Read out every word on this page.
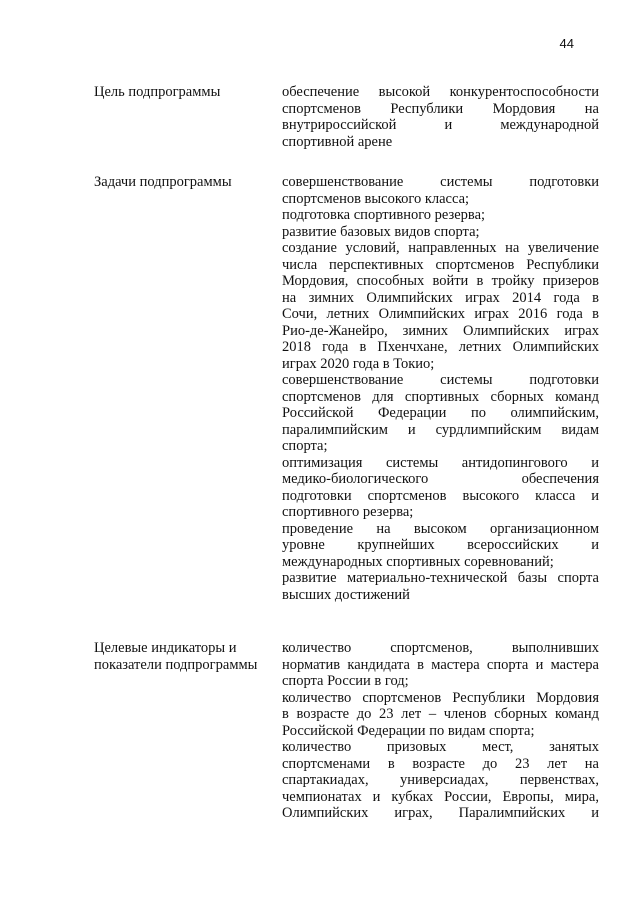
44
Цель подпрограммы	обеспечение высокой конкурентоспособности
спортсменов Республики Мордовия на
внутрироссийской и международной
спортивной арене
Задачи подпрограммы	совершенствование системы подготовки
спортсменов высокого класса;
подготовка спортивного резерва;
развитие базовых видов спорта;
создание условий, направленных на увеличение
числа перспективных спортсменов Республики
Мордовия, способных войти в тройку призеров
на зимних Олимпийских играх 2014 года в
Сочи, летних Олимпийских играх 2016 года в
Рио-де-Жанейро, зимних Олимпийских играх
2018 года в Пхенчхане, летних Олимпийских
играх 2020 года в Токио;
совершенствование системы подготовки
спортсменов для спортивных сборных команд
Российской Федерации по олимпийским,
паралимпийским и сурдлимпийским видам
спорта;
оптимизация системы антидопингового и
медико-биологического обеспечения
подготовки спортсменов высокого класса и
спортивного резерва;
проведение на высоком организационном
уровне крупнейших всероссийских и
международных спортивных соревнований;
развитие материально-технической базы спорта
высших достижений
Целевые индикаторы и
показатели подпрограммы
количество спортсменов, выполнивших
норматив кандидата в мастера спорта и мастера
спорта России в год;
количество спортсменов Республики Мордовия
в возрасте до 23 лет – членов сборных команд
Российской Федерации по видам спорта;
количество призовых мест, занятых
спортсменами в возрасте до 23 лет на
спартакиадах, универсиадах, первенствах,
чемпионатах и кубках России, Европы, мира,
Олимпийских играх, Паралимпийских и
